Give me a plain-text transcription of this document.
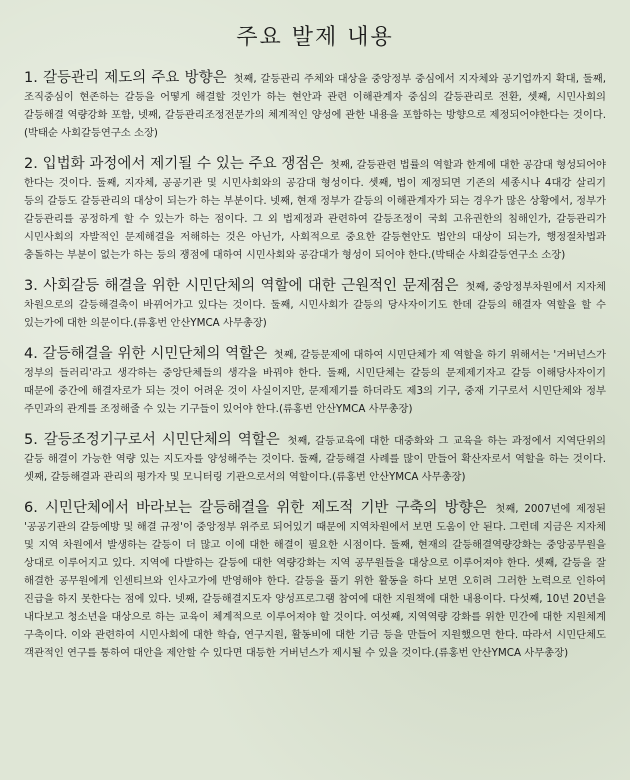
주요 발제 내용

1. 갈등관리 제도의 주요 방향은 첫째, 갈등관리 주체와 대상을 중앙정부 중심에서 지자체와 공기업까지 확대, 둘째, 조직중심이 현존하는 갈등을 어떻게 해결할 것인가 하는 현안과 관련 이해관계자 중심의 갈등관리로 전환, 셋째, 시민사회의 갈등해결 역량강화 포함, 넷째, 갈등관리조정전문가의 체계적인 양성에 관한 내용을 포함하는 방향으로 제정되어야한다는 것이다. (박태순 사회갈등연구소 소장)

2. 입법화 과정에서 제기될 수 있는 주요 쟁점은 첫째, 갈등관련 법률의 역할과 한계에 대한 공감대 형성되어야 한다는 것이다. 둘째, 지자체, 공공기관 및 시민사회와의 공감대 형성이다. 셋째, 법이 제정되면 기존의 세종시나 4대강 살리기 등의 갈등도 갈등관리의 대상이 되는가 하는 부분이다. 넷째, 현재 정부가 갈등의 이해관계자가 되는 경우가 많은 상황에서, 정부가 갈등관리를 공정하게 할 수 있는가 하는 점이다. 그 외 법제정과 관련하여 갈등조정이 국회 고유권한의 침해인가, 갈등관리가 시민사회의 자발적인 문제해결을 저해하는 것은 아닌가, 사회적으로 중요한 갈등현안도 법안의 대상이 되는가, 행정절차법과 충돌하는 부분이 없는가 하는 등의 쟁점에 대하여 시민사회와 공감대가 형성이 되어야 한다.(박태순 사회갈등연구소 소장)

3. 사회갈등 해결을 위한 시민단체의 역할에 대한 근원적인 문제점은 첫째, 중앙정부차원에서 지자체 차원으로의 갈등해결축이 바뀌어가고 있다는 것이다. 둘째, 시민사회가 갈등의 당사자이기도 한데 갈등의 해결자 역할을 할 수 있는가에 대한 의문이다.(류홍번 안산YMCA 사무총장)

4. 갈등해결을 위한 시민단체의 역할은 첫째, 갈등문제에 대하여 시민단체가 제 역할을 하기 위해서는 '거버넌스가 정부의 들러리'라고 생각하는 중앙단체들의 생각을 바꿔야 한다. 둘째, 시민단체는 갈등의 문제제기자고 갈등 이해당사자이기 때문에 중간에 해결자로가 되는 것이 어려운 것이 사실이지만, 문제제기를 하더라도 제3의 기구, 중재 기구로서 시민단체와 정부 주민과의 관계를 조정해줄 수 있는 기구들이 있어야 한다.(류홍번 안산YMCA 사무총장)

5. 갈등조정기구로서 시민단체의 역할은 첫째, 갈등교육에 대한 대중화와 그 교육을 하는 과정에서 지역단위의 갈등 해결이 가능한 역량 있는 지도자를 양성해주는 것이다. 둘째, 갈등해결 사례를 많이 만들어 확산자로서 역할을 하는 것이다. 셋째, 갈등해결과 관리의 평가자 및 모니터링 기관으로서의 역할이다.(류홍번 안산YMCA 사무총장)

6. 시민단체에서 바라보는 갈등해결을 위한 제도적 기반 구축의 방향은 첫째, 2007년에 제정된 '공공기관의 갈등예방 및 해결 규정'이 중앙정부 위주로 되어있기 때문에 지역차원에서 보면 도움이 안 된다. 그런데 지금은 지자체 및 지역 차원에서 발생하는 갈등이 더 많고 이에 대한 해결이 필요한 시점이다. 둘째, 현재의 갈등해결역량강화는 중앙공무원을 상대로 이루어지고 있다. 지역에 다발하는 갈등에 대한 역량강화는 지역 공무원들을 대상으로 이루어져야 한다. 셋째, 갈등을 잘 해결한 공무원에게 인센티브와 인사고가에 반영해야 한다. 갈등을 풀기 위한 활동을 하다 보면 오히려 그러한 노력으로 인하여 진급을 하지 못한다는 점에 있다. 넷째, 갈등해결지도자 양성프로그램 참여에 대한 지원책에 대한 내용이다. 다섯째, 10년 20년을 내다보고 청소년을 대상으로 하는 교육이 체계적으로 이루어져야 할 것이다. 여섯째, 지역역량 강화를 위한 민간에 대한 지원체계 구축이다. 이와 관련하여 시민사회에 대한 학습, 연구지원, 활동비에 대한 기금 등을 만들어 지원했으면 한다. 따라서 시민단체도 객관적인 연구를 통하여 대안을 제안할 수 있다면 대등한 거버넌스가 제시될 수 있을 것이다.(류홍번 안산YMCA 사무총장)
